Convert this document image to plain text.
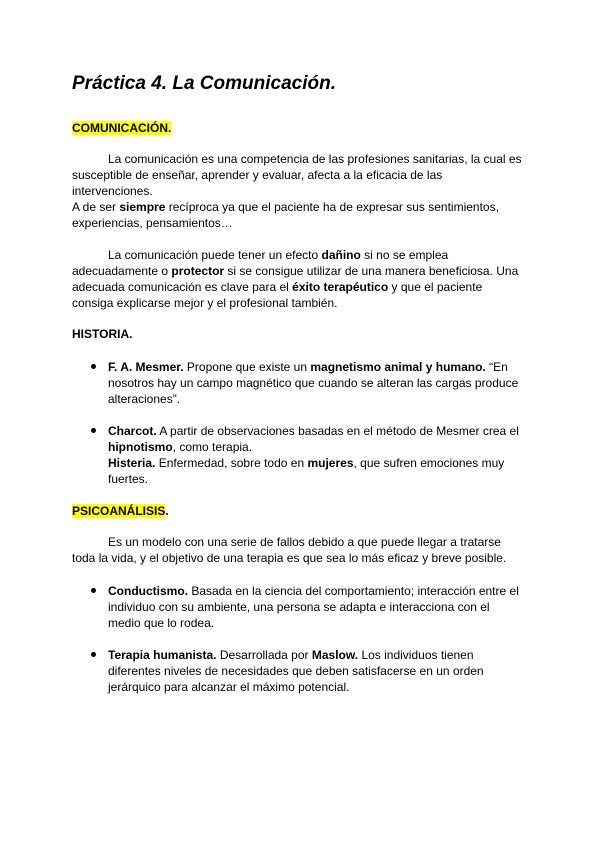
Práctica 4. La Comunicación.
COMUNICACIÓN.
La comunicación es una competencia de las profesiones sanitarias, la cual es
susceptible de enseñar, aprender y evaluar, afecta a la eficacia de las
intervenciones.
A de ser siempre recíproca ya que el paciente ha de expresar sus sentimientos,
experiencias, pensamientos…
La comunicación puede tener un efecto dañino si no se emplea
adecuadamente o protector si se consigue utilizar de una manera beneficiosa. Una
adecuada comunicación es clave para el éxito terapéutico y que el paciente
consiga explicarse mejor y el profesional también.
HISTORIA.
F. A. Mesmer. Propone que existe un magnetismo animal y humano. “En
nosotros hay un campo magnético que cuando se alteran las cargas produce
alteraciones”.
Charcot. A partir de observaciones basadas en el método de Mesmer crea el
hipnotismo, como terapia.
Histeria. Enfermedad, sobre todo en mujeres, que sufren emociones muy
fuertes.
PSICOANÁLISIS.
Es un modelo con una serie de fallos debido a que puede llegar a tratarse
toda la vida, y el objetivo de una terapia es que sea lo más eficaz y breve posible.
Conductismo. Basada en la ciencia del comportamiento; interacción entre el
individuo con su ambiente, una persona se adapta e interacciona con el
medio que lo rodea.
Terapia humanista. Desarrollada por Maslow. Los individuos tienen
diferentes niveles de necesidades que deben satisfacerse en un orden
jerárquico para alcanzar el máximo potencial.
